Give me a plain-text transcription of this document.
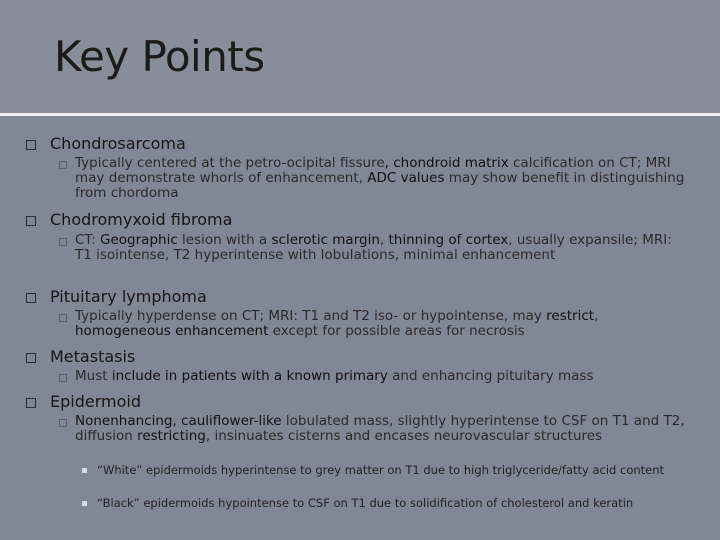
Key Points
Chondrosarcoma
Typically centered at the petro-ocipital fissure, chondroid matrix calcification on CT; MRI may demonstrate whorls of enhancement, ADC values may show benefit in distinguishing from chordoma
Chodromyxoid fibroma
CT: Geographic lesion with a sclerotic margin, thinning of cortex, usually expansile; MRI: T1 isointense, T2 hyperintense with lobulations, minimal enhancement
Pituitary lymphoma
Typically hyperdense on CT; MRI: T1 and T2 iso- or hypointense, may restrict, homogeneous enhancement except for possible areas for necrosis
Metastasis
Must include in patients with a known primary and enhancing pituitary mass
Epidermoid
Nonenhancing, cauliflower-like lobulated mass, slightly hyperintense to CSF on T1 and T2, diffusion restricting, insinuates cisterns and encases neurovascular structures
“White” epidermoids hyperintense to grey matter on T1 due to high triglyceride/fatty acid content
“Black” epidermoids hypointense to CSF on T1 due to solidification of cholesterol and keratin
